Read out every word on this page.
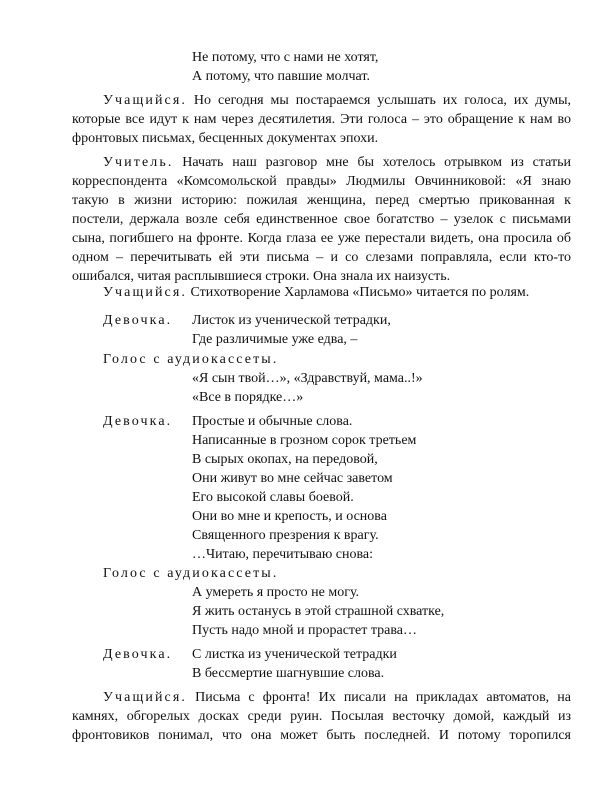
Не потому, что с нами не хотят,
А потому, что павшие молчат.
Учащийся. Но сегодня мы постараемся услышать их голоса, их думы,
которые все идут к нам через десятилетия. Эти голоса – это обращение к нам во
фронтовых письмах, бесценных документах эпохи.
Учитель. Начать наш разговор мне бы хотелось отрывком из статьи
корреспондента «Комсомольской правды» Людмилы Овчинниковой: «Я знаю
такую в жизни историю: пожилая женщина, перед смертью прикованная к
постели, держала возле себя единственное свое богатство – узелок с письмами
сына, погибшего на фронте. Когда глаза ее уже перестали видеть, она просила об
одном – перечитывать ей эти письма – и со слезами поправляла, если кто-то
ошибался, читая расплывшиеся строки. Она знала их наизусть.
Учащийся. Стихотворение Харламова «Письмо» читается по ролям.
Девочка. Листок из ученической тетрадки,
Где различимые уже едва, –
Голос с аудиокассеты.
«Я сын твой…», «Здравствуй, мама..!»
«Все в порядке…»
Девочка. Простые и обычные слова.
Написанные в грозном сорок третьем
В сырых окопах, на передовой,
Они живут во мне сейчас заветом
Его высокой славы боевой.
Они во мне и крепость, и основа
Священного презрения к врагу.
…Читаю, перечитываю снова:
Голос с аудиокассеты.
А умереть я просто не могу.
Я жить останусь в этой страшной схватке,
Пусть надо мной и прорастет трава…
Девочка. С листка из ученической тетрадки
В бессмертие шагнувшие слова.
Учащийся. Письма с фронта! Их писали на прикладах автоматов, на
камнях, обгорелых досках среди руин. Посылая весточку домой, каждый из
фронтовиков понимал, что она может быть последней. И потому торопился
